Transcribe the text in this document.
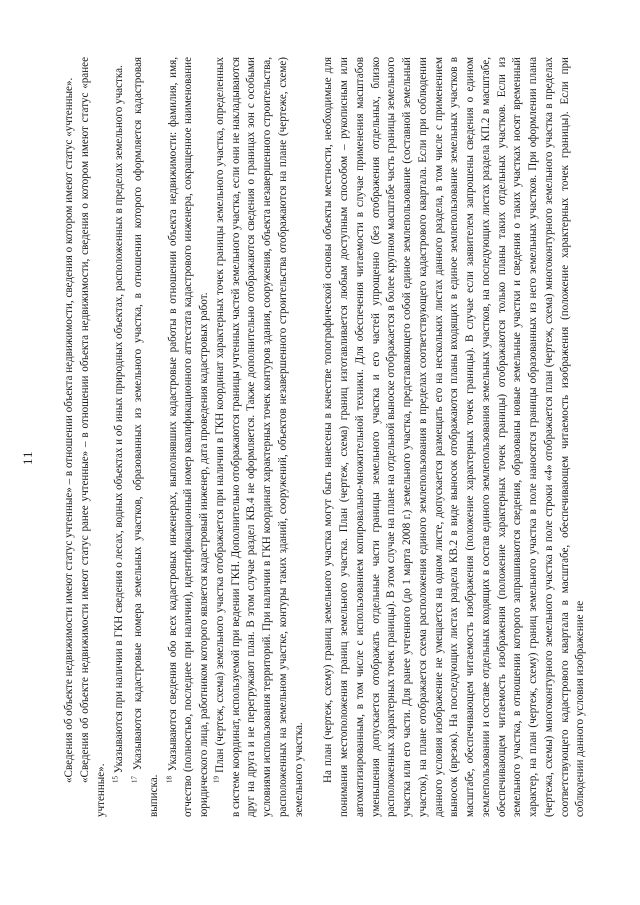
11	«Сведения об объекте недвижимости имеют статус учтенные» – в отношении объекта недвижимости, сведения о котором имеют статус «учтенные». «Сведения об объекте недвижимости имеют статус ранее учтенные» – в отношении объекта недвижимости, сведения о котором имеют статус «ранее учтенные». $^{15}$ Указываются при наличии в ГКН сведения о лесах, водных объектах и об иных природных объектах, расположенных в пределах земельного участка.

$^{17}$ Указываются кадастровые номера земельных участков, образованных из земельного участка, в отношении которого оформляется кадастровая выписка. $^{18}$ Указываются сведения обо всех кадастровых инженерах, выполнявших кадастровые работы в отношении объекта недвижимости: фамилия, имя, отчество (полностью, последнее при наличии), идентификационный номер квалификационного аттестата кадастрового инженера, сокращенное наименование юридического лица, работником которого является кадастровый инженер, дата проведения кадастровых работ. $^{19}$ План (чертеж, схема) земельного участка отображается при наличии в ГКН координат характерных точек границы земельного участка, определенных в системе координат, используемой при ведении ГКН. Дополнительно отображаются границы учтенных частей земельного участка, если они не накладываются друг на друга и не перегружают план. В этом случае раздел КВ.4 не оформляется. Также дополнительно отображаются сведения о границах зон с особыми условиями использования территорий. При наличии в ГКН координат характерных точек контуров здания, сооружения, объекта незавершенного строительства, расположенных на земельном участке, контуры таких зданий, сооружений, объектов незавершенного строительства отображаются на плане (чертеже, схеме) земельного участка. На план (чертеж, схему) границ земельного участка могут быть нанесены в качестве топографической основы объекты местности, необходимые для понимания местоположения границ земельного участка. План (чертеж, схема) границ изготавливается любым доступным способом – рукописным или автоматизированным, в том числе с использованием копировально-множительной техники. Для обеспечения читаемости в случае применения масштабов уменьшения допускается отображать отдельные части границы земельного участка и его частей упрощенно (без отображения отдельных, близко расположенных характерных точек границы). В этом случае на плане на отдельной выноске отображается в более крупном масштабе часть границы земельного участка или его части. Для ранее учтенного (до 1 марта 2008 г.) земельного участка, представляющего собой единое землепользование (составной земельный участок), на плане отображается схема расположения единого землепользования в пределах соответствующего кадастрового квартала. Если при соблюдении данного условия изображение не умещается на одном листе, допускается размещать его на нескольких листах данного раздела, в том числе с применением выносок (врезок). На последующих листах раздела КВ.2 в виде выносок отображаются планы входящих в единое землепользование земельных участков в масштабе, обеспечивающем читаемость изображения (положение характерных точек границы). В случае если заявителем запрошены сведения о едином землепользовании и составе отдельных входящих в состав единого землепользования земельных участков, на последующих листах раздела КП.2 в масштабе, обеспечивающем читаемость изображения (положение характерных точек границы) отображаются только планы таких отдельных участков. Если из земельного участка, в отношении которого запрашиваются сведения, образованы новые земельные участки и сведения о таких участках носят временный характер, на план (чертеж, схему) границ земельного участка в поле наносятся границы образованных из него земельных участков. При оформлении плана (чертежа, схемы) многоконтурного земельного участка в поле строки «4» отображается план (чертеж, схема) многоконтурного земельного участка в пределах соответствующего кадастрового квартала в масштабе, обеспечивающем читаемость изображения (положение характерных точек границы). Если при соблюдении данного условия изображение не
